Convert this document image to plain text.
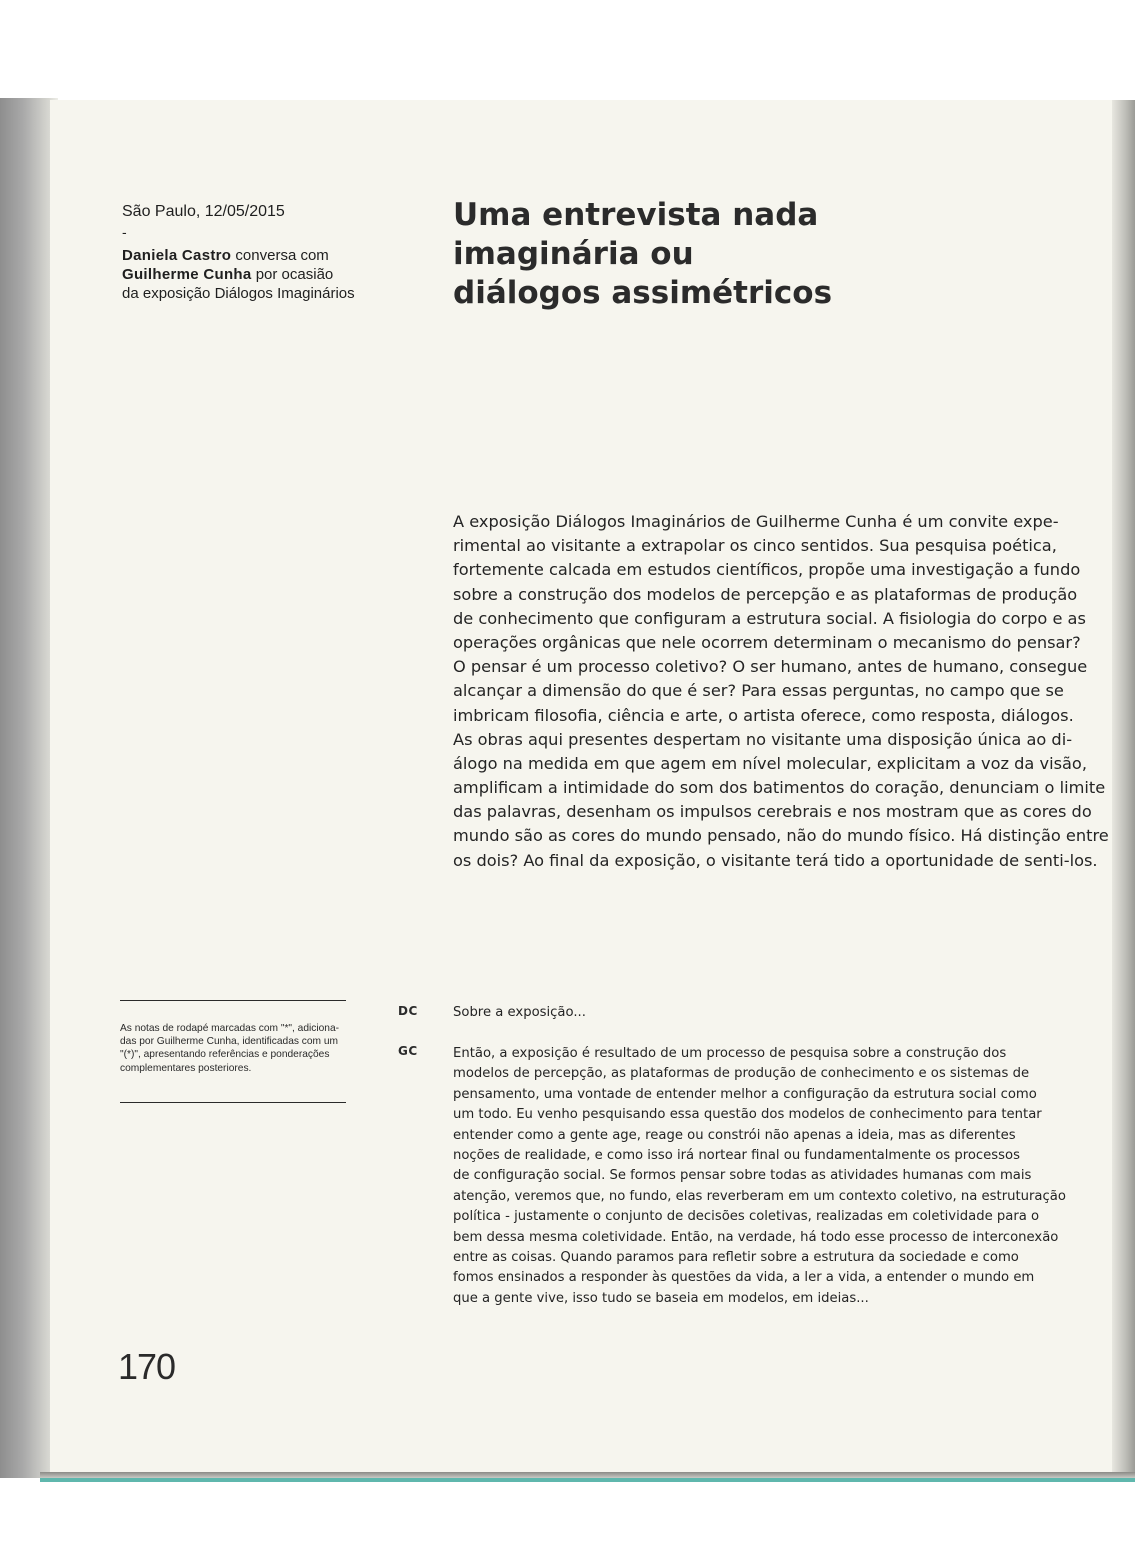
São Paulo, 12/05/2015
-
Daniela Castro conversa com
Guilherme Cunha por ocasião
da exposição Diálogos Imaginários
Uma entrevista nada
imaginária ou
diálogos assimétricos
A exposição Diálogos Imaginários de Guilherme Cunha é um convite expe-
rimental ao visitante a extrapolar os cinco sentidos. Sua pesquisa poética,
fortemente calcada em estudos científicos, propõe uma investigação a fundo
sobre a construção dos modelos de percepção e as plataformas de produção
de conhecimento que configuram a estrutura social. A fisiologia do corpo e as
operações orgânicas que nele ocorrem determinam o mecanismo do pensar?
O pensar é um processo coletivo? O ser humano, antes de humano, consegue
alcançar a dimensão do que é ser? Para essas perguntas, no campo que se
imbricam filosofia, ciência e arte, o artista oferece, como resposta, diálogos.
As obras aqui presentes despertam no visitante uma disposição única ao di-
álogo na medida em que agem em nível molecular, explicitam a voz da visão,
amplificam a intimidade do som dos batimentos do coração, denunciam o limite
das palavras, desenham os impulsos cerebrais e nos mostram que as cores do
mundo são as cores do mundo pensado, não do mundo físico. Há distinção entre
os dois? Ao final da exposição, o visitante terá tido a oportunidade de senti-los.
As notas de rodapé marcadas com "*", adiciona-
das por Guilherme Cunha, identificadas com um
"(*)", apresentando referências e ponderações
complementares posteriores.
DC	Sobre a exposição...
GC	Então, a exposição é resultado de um processo de pesquisa sobre a construção dos
modelos de percepção, as plataformas de produção de conhecimento e os sistemas de
pensamento, uma vontade de entender melhor a configuração da estrutura social como
um todo. Eu venho pesquisando essa questão dos modelos de conhecimento para tentar
entender como a gente age, reage ou constrói não apenas a ideia, mas as diferentes
noções de realidade, e como isso irá nortear final ou fundamentalmente os processos
de configuração social. Se formos pensar sobre todas as atividades humanas com mais
atenção, veremos que, no fundo, elas reverberam em um contexto coletivo, na estruturação
política - justamente o conjunto de decisões coletivas, realizadas em coletividade para o
bem dessa mesma coletividade. Então, na verdade, há todo esse processo de interconexão
entre as coisas. Quando paramos para refletir sobre a estrutura da sociedade e como
fomos ensinados a responder às questões da vida, a ler a vida, a entender o mundo em
que a gente vive, isso tudo se baseia em modelos, em ideias...
170
